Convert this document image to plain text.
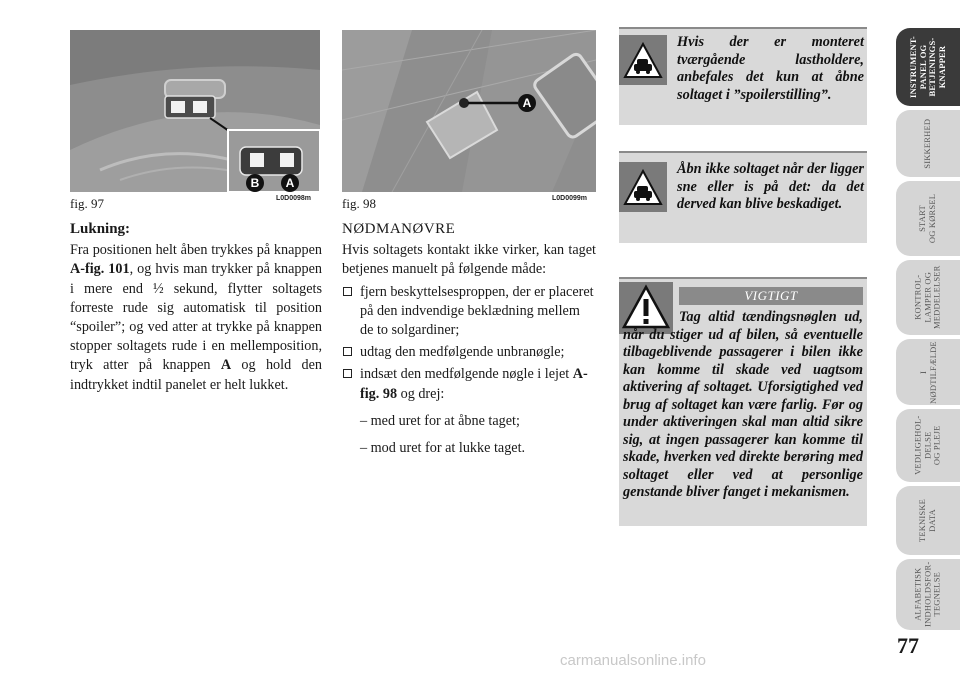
B A
fig. 97	L0D0098m
A
fig. 98	L0D0099m
Lukning:

Fra positionen helt åben trykkes på knappen A-fig. 101, og hvis man trykker på knappen i mere end ½ sekund, flytter soltagets forreste rude sig automatisk til position “spoiler”; og ved atter at trykke på knappen stopper soltagets rude i en mellemposition, tryk atter på knappen A og hold den indtrykket indtil panelet er helt lukket.

NØDMANØVRE

Hvis soltagets kontakt ikke virker, kan taget betjenes manuelt på følgende måde:

fjern beskyttelsesproppen, der er placeret på den indvendige beklædning mellem de to solgardiner;
udtag den medfølgende unbranøgle;
indsæt den medfølgende nøgle i lejet A-fig. 98 og drej:
– med uret for at åbne taget;
– mod uret for at lukke taget.
Hvis der er monteret tværgående lastholdere, anbefales det kun at åbne soltaget i ”spoilerstilling”.
Åbn ikke soltaget når der ligger sne eller is på det: da det derved kan blive beskadiget.
VIGTIGT
Tag altid tændingsnøglen ud, når du stiger ud af bilen, så eventuelle tilbageblivende passagerer i bilen ikke kan komme til skade ved uagtsom aktivering af soltaget. Uforsigtighed ved brug af soltaget kan være farlig. Før og under aktiveringen skal man altid sikre sig, at ingen passagerer kan komme til skade, hverken ved direkte berøring med soltaget eller ved at personlige genstande bliver fanget i mekanismen.
INSTRUMENT-
PANEL OG
BETJENINGS-
KNAPPER
SIKKERHED
START
OG KØRSEL
KONTROL-
LAMPER OG
MEDDELELSER
I
NØDTILFÆLDE
VEDLIGEHOL-
DELSE
OG PLEJE
TEKNISKE
DATA
ALFABETISK
INDHOLDSFOR-
TEGNELSE
77
carmanualsonline.info
